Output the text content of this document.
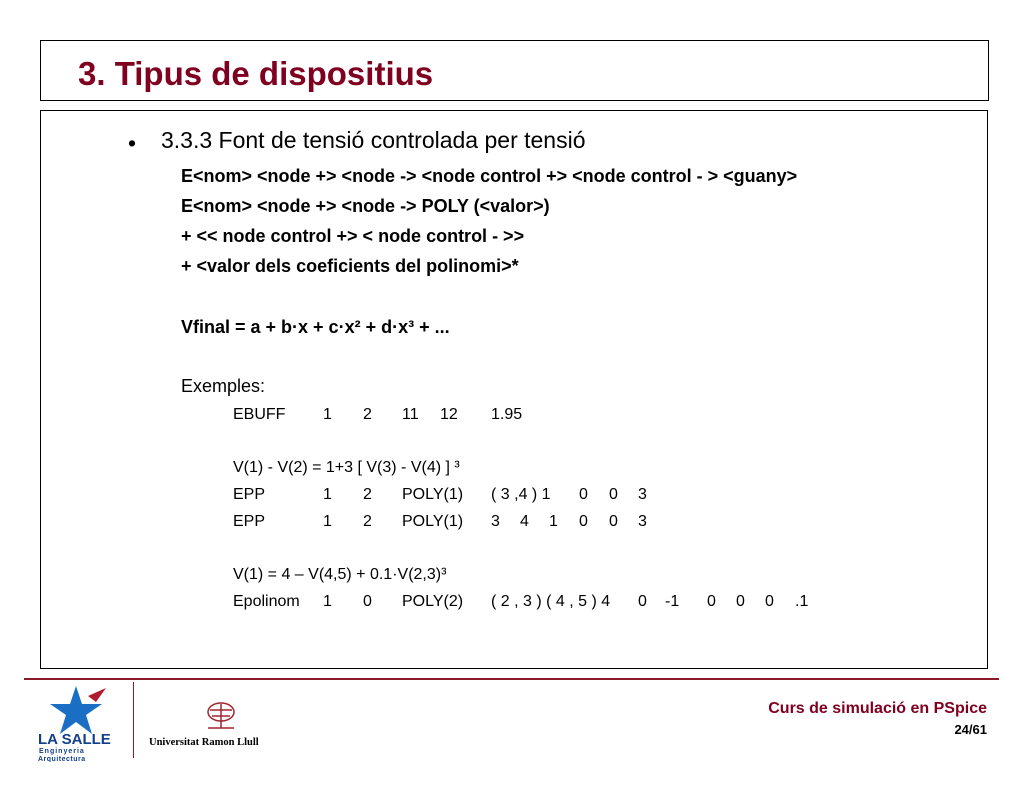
3. Tipus de dispositius
• 3.3.3 Font de tensió controlada per tensió
E<nom> <node +> <node -> <node control +> <node control - > <guany>
E<nom> <node +> <node -> POLY (<valor>)
+ << node control +> < node control - >>
+ <valor dels coeficients del polinomi>*
Vfinal = a + b·x + c·x² + d·x³ + ...
Exemples:
EBUFF 1 2 11 12 1.95
V(1) - V(2) = 1+3 [ V(3) - V(4) ] ³
EPP	1 2 POLY(1) ( 3 ,4 ) 1 0 0 3
EPP	1 2 POLY(1) 3 4 1 0 0 3
V(1) = 4 – V(4,5) + 0.1·V(2,3)³
Epolinom 1 0 POLY(2) ( 2 , 3 ) ( 4 , 5 ) 4 0 -1 0 0 0 .1
LA SALLE
Enginyeria
Arquitectura
Universitat Ramon Llull
Curs de simulació en PSpice
24/61
